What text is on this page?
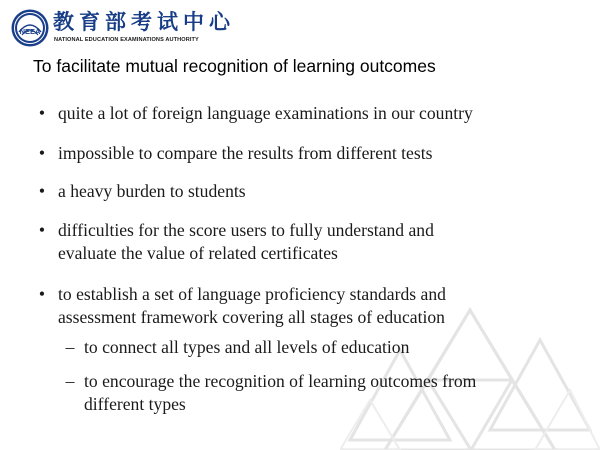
NEEA 教育部考试中心
NATIONAL EDUCATION EXAMINATIONS AUTHORITY
To facilitate mutual recognition of learning outcomes
• quite a lot of foreign language examinations in our country
• impossible to compare the results from different tests
• a heavy burden to students
• difficulties for the score users to fully understand and
evaluate the value of related certificates
• to establish a set of language proficiency standards and
assessment framework covering all stages of education
– to connect all types and all levels of education
– to encourage the recognition of learning outcomes from
different types
